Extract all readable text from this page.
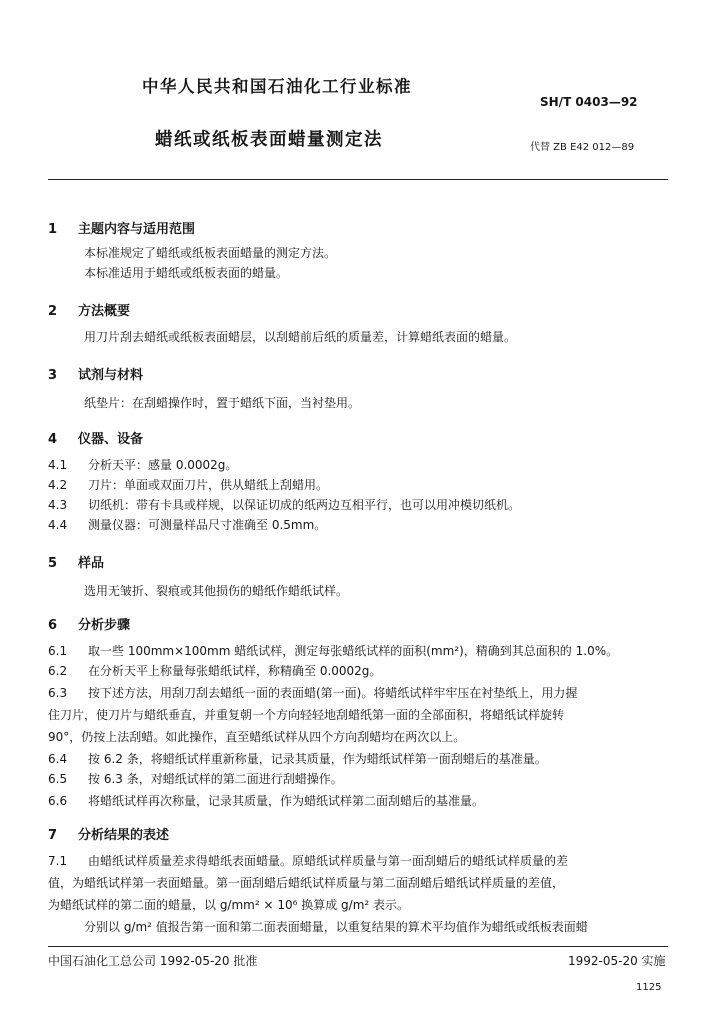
中华人民共和国石油化工行业标准
SH/T 0403—92
蜡纸或纸板表面蜡量测定法	代替 ZB E42 012—89
1 主题内容与适用范围
本标准规定了蜡纸或纸板表面蜡量的测定方法。
本标准适用于蜡纸或纸板表面的蜡量。
2 方法概要
用刀片刮去蜡纸或纸板表面蜡层，以刮蜡前后纸的质量差，计算蜡纸表面的蜡量。
3 试剂与材料
纸垫片：在刮蜡操作时，置于蜡纸下面，当衬垫用。
4 仪器、设备
4.1 分析天平：感量 0.0002g。
4.2 刀片：单面或双面刀片，供从蜡纸上刮蜡用。
4.3 切纸机：带有卡具或样规，以保证切成的纸两边互相平行，也可以用冲模切纸机。
4.4 测量仪器：可测量样品尺寸准确至 0.5mm。
5 样品
选用无皱折、裂痕或其他损伤的蜡纸作蜡纸试样。
6 分析步骤
6.1 取一些 100mm×100mm 蜡纸试样，测定每张蜡纸试样的面积(mm²)，精确到其总面积的 1.0%。
6.2 在分析天平上称量每张蜡纸试样，称精确至 0.0002g。
6.3 按下述方法，用刮刀刮去蜡纸一面的表面蜡(第一面)。将蜡纸试样牢牢压在衬垫纸上，用力握
住刀片，使刀片与蜡纸垂直，并重复朝一个方向轻轻地刮蜡纸第一面的全部面积，将蜡纸试样旋转
90°，仍按上法刮蜡。如此操作，直至蜡纸试样从四个方向刮蜡均在两次以上。
6.4 按 6.2 条，将蜡纸试样重新称量，记录其质量，作为蜡纸试样第一面刮蜡后的基准量。
6.5 按 6.3 条，对蜡纸试样的第二面进行刮蜡操作。
6.6 将蜡纸试样再次称量，记录其质量，作为蜡纸试样第二面刮蜡后的基准量。
7 分析结果的表述
7.1 由蜡纸试样质量差求得蜡纸表面蜡量。原蜡纸试样质量与第一面刮蜡后的蜡纸试样质量的差
值，为蜡纸试样第一表面蜡量。第一面刮蜡后蜡纸试样质量与第二面刮蜡后蜡纸试样质量的差值，
为蜡纸试样的第二面的蜡量，以 g/mm² × 10⁶ 换算成 g/m² 表示。
分别以 g/m² 值报告第一面和第二面表面蜡量，以重复结果的算术平均值作为蜡纸或纸板表面蜡
中国石油化工总公司 1992-05-20 批准	1992-05-20 实施
1125
